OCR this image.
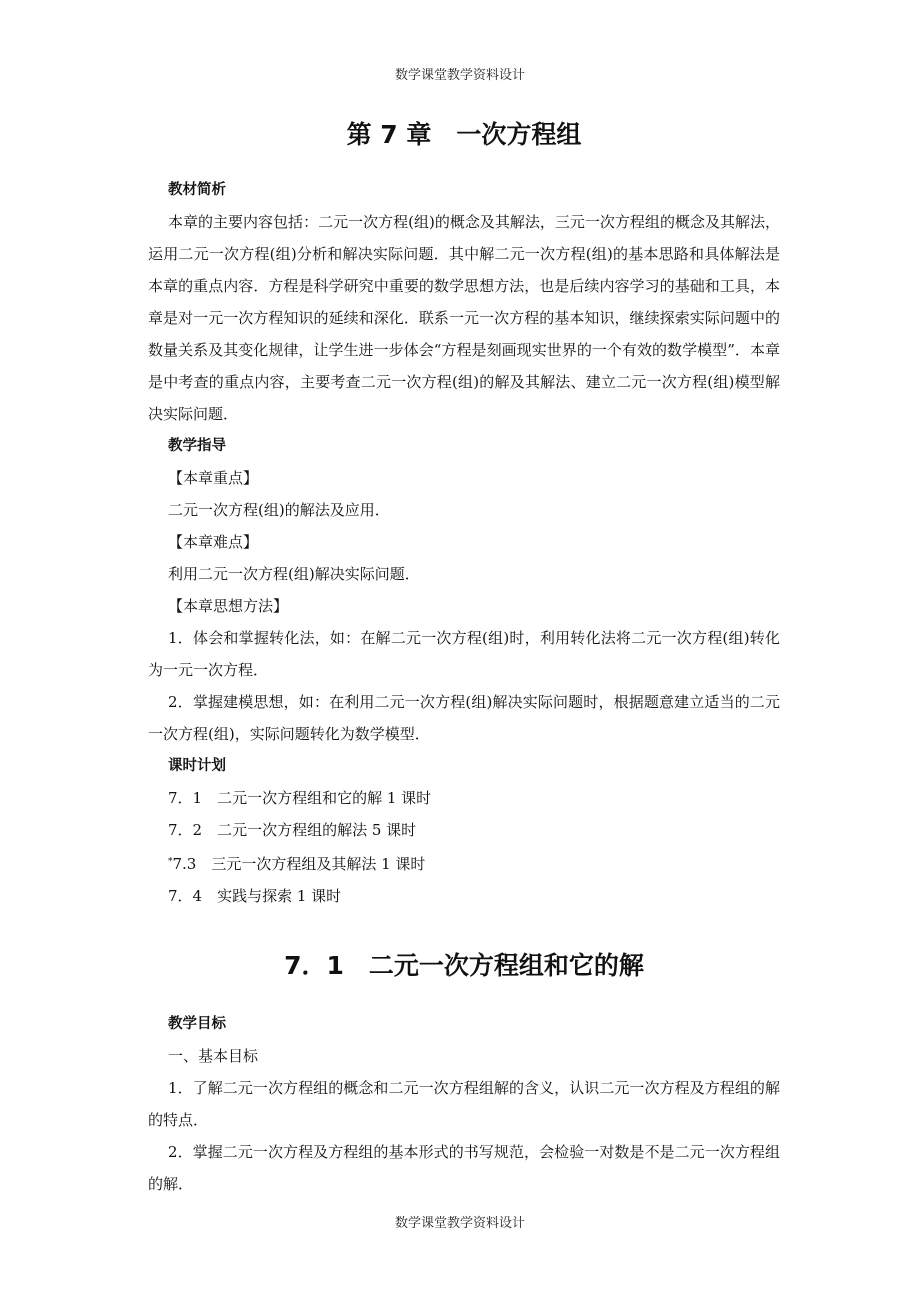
数学课堂教学资料设计
第 7 章　一次方程组

教材简析

本章的主要内容包括：二元一次方程(组)的概念及其解法，三元一次方程组的概念及其解法，运用二元一次方程(组)分析和解决实际问题．其中解二元一次方程(组)的基本思路和具体解法是本章的重点内容．方程是科学研究中重要的数学思想方法，也是后续内容学习的基础和工具，本章是对一元一次方程知识的延续和深化．联系一元一次方程的基本知识，继续探索实际问题中的数量关系及其变化规律，让学生进一步体会“方程是刻画现实世界的一个有效的数学模型”．本章是中考查的重点内容，主要考查二元一次方程(组)的解及其解法、建立二元一次方程(组)模型解决实际问题．

教学指导

【本章重点】

二元一次方程(组)的解法及应用．

【本章难点】

利用二元一次方程(组)解决实际问题．

【本章思想方法】

1．体会和掌握转化法，如：在解二元一次方程(组)时，利用转化法将二元一次方程(组)转化为一元一次方程．

2．掌握建模思想，如：在利用二元一次方程(组)解决实际问题时，根据题意建立适当的二元一次方程(组)，实际问题转化为数学模型．

课时计划

7．1　二元一次方程组和它的解 1 课时

7．2　二元一次方程组的解法 5 课时

*7.3　三元一次方程组及其解法 1 课时

7．4　实践与探索 1 课时

7．1　二元一次方程组和它的解

教学目标

一、基本目标

1．了解二元一次方程组的概念和二元一次方程组解的含义，认识二元一次方程及方程组的解的特点．

2．掌握二元一次方程及方程组的基本形式的书写规范，会检验一对数是不是二元一次方程组的解．

数学课堂教学资料设计
